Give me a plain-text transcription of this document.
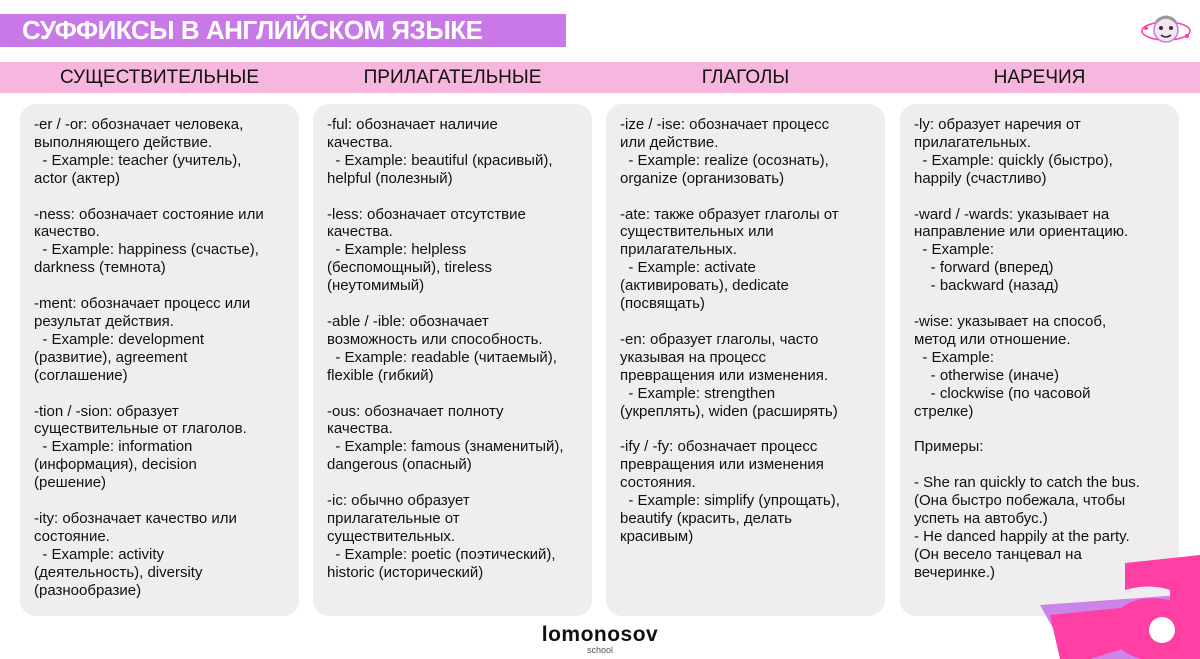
СУФФИКСЫ В АНГЛИЙСКОМ ЯЗЫКЕ
СУЩЕСТВИТЕЛЬНЫЕ	ПРИЛАГАТЕЛЬНЫЕ	ГЛАГОЛЫ	НАРЕЧИЯ
-er / -or: обозначает человека,
выполняющего действие.
- Example: teacher (учитель),
actor (актер)

-ness: обозначает состояние или
качество.
- Example: happiness (счастье),
darkness (темнота)

-ment: обозначает процесс или
результат действия.
- Example: development
(развитие), agreement
(соглашение)

-tion / -sion: образует
существительные от глаголов.
- Example: information
(информация), decision
(решение)

-ity: обозначает качество или
состояние.
- Example: activity
(деятельность), diversity
(разнообразие)
-ful: обозначает наличие
качества.
- Example: beautiful (красивый),
helpful (полезный)

-less: обозначает отсутствие
качества.
- Example: helpless
(беспомощный), tireless
(неутомимый)

-able / -ible: обозначает
возможность или способность.
- Example: readable (читаемый),
flexible (гибкий)

-ous: обозначает полноту
качества.
- Example: famous (знаменитый),
dangerous (опасный)

-ic: обычно образует
прилагательные от
существительных.
- Example: poetic (поэтический),
historic (исторический)
-ize / -ise: обозначает процесс
или действие.
- Example: realize (осознать),
organize (организовать)

-ate: также образует глаголы от
существительных или
прилагательных.
- Example: activate
(активировать), dedicate
(посвящать)

-en: образует глаголы, часто
указывая на процесс
превращения или изменения.
- Example: strengthen
(укреплять), widen (расширять)

-ify / -fy: обозначает процесс
превращения или изменения
состояния.
- Example: simplify (упрощать),
beautify (красить, делать
красивым)
-ly: образует наречия от
прилагательных.
- Example: quickly (быстро),
happily (счастливо)

-ward / -wards: указывает на
направление или ориентацию.
- Example:
- forward (вперед)
- backward (назад)

-wise: указывает на способ,
метод или отношение.
- Example:
- otherwise (иначе)
- clockwise (по часовой
стрелке)

Примеры:

- She ran quickly to catch the bus.
(Она быстро побежала, чтобы
успеть на автобус.)
- He danced happily at the party.
(Он весело танцевал на
вечеринке.)
lomonosov
school
